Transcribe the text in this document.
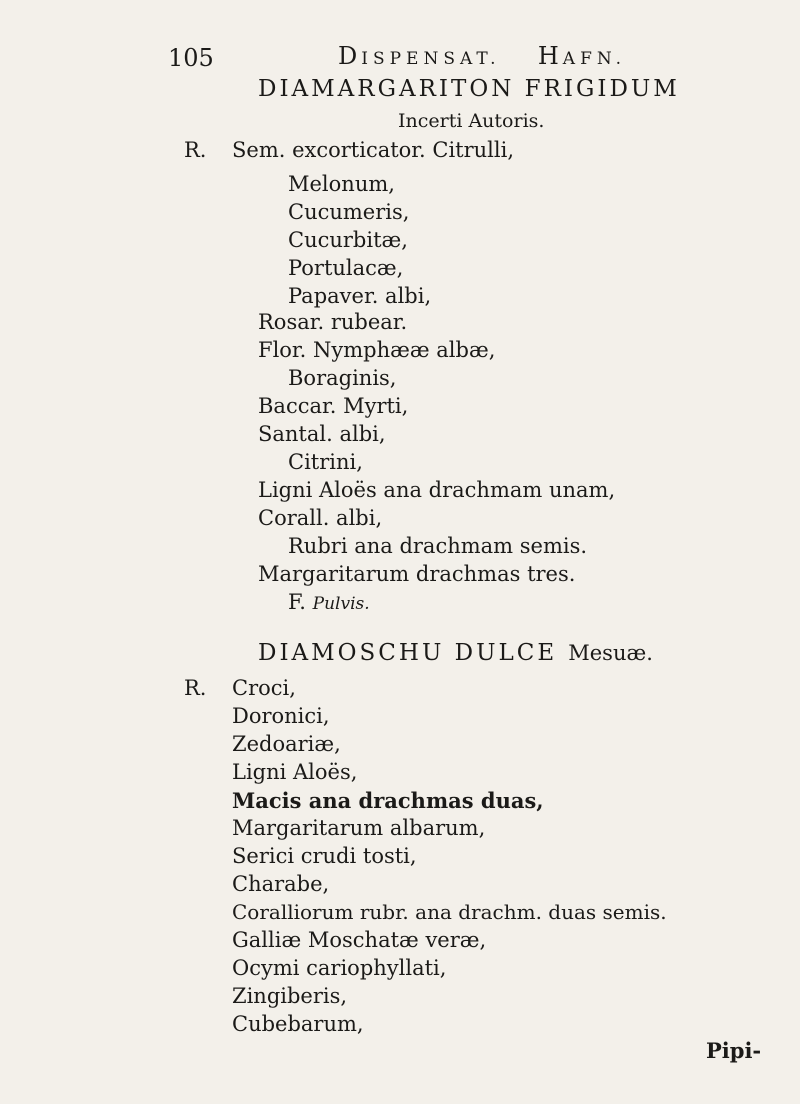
105	DISPENSAT. HAFN.
DIAMARGARITON FRIGIDUM
Incerti Autoris.
R. Sem. excorticator. Citrulli,
Melonum,
Cucumeris,
Cucurbitæ,
Portulacæ,
Papaver. albi,
Rosar. rubear.
Flor. Nymphææ albæ,
Boraginis,
Baccar. Myrti,
Santal. albi,
Citrini,
Ligni Aloës ana drachmam unam,
Corall. albi,
Rubri ana drachmam semis.
Margaritarum drachmas tres.
F. Pulvis.
DIAMOSCHU DULCE Mesuæ.
R. Croci,
Doronici,
Zedoariæ,
Ligni Aloës,
Macis ana drachmas duas,
Margaritarum albarum,
Serici crudi tosti,
Charabe,
Coralliorum rubr. ana drachm. duas semis.
Galliæ Moschatæ veræ,
Ocymi cariophyllati,
Zingiberis,
Cubebarum,
Pipi-
